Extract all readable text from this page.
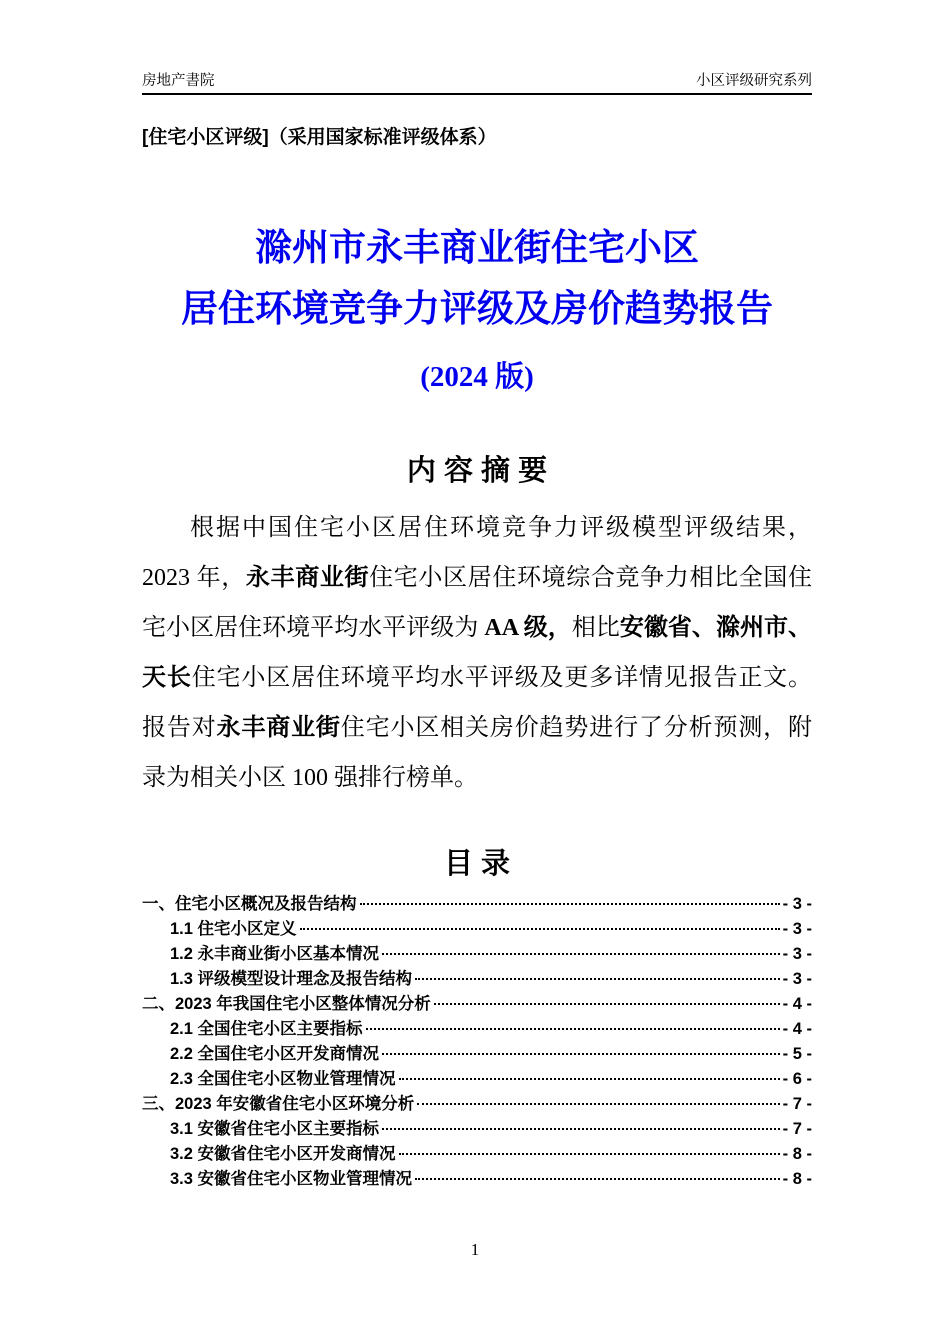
房地产書院	小区评级研究系列
[住宅小区评级]（采用国家标准评级体系）
滁州市永丰商业街住宅小区
居住环境竞争力评级及房价趋势报告
(2024 版)
内 容 摘 要
根据中国住宅小区居住环境竞争力评级模型评级结果，
2023 年，永丰商业街住宅小区居住环境综合竞争力相比全国住
宅小区居住环境平均水平评级为 AA 级，相比安徽省、滁州市、
天长住宅小区居住环境平均水平评级及更多详情见报告正文。
报告对永丰商业街住宅小区相关房价趋势进行了分析预测，附
录为相关小区 100 强排行榜单。
目 录
一、住宅小区概况及报告结构	- 3 -
1.1 住宅小区定义	- 3 -
1.2 永丰商业街小区基本情况	- 3 -
1.3 评级模型设计理念及报告结构	- 3 -
二、2023 年我国住宅小区整体情况分析	- 4 -
2.1 全国住宅小区主要指标	- 4 -
2.2 全国住宅小区开发商情况	- 5 -
2.3 全国住宅小区物业管理情况	- 6 -
三、2023 年安徽省住宅小区环境分析	- 7 -
3.1 安徽省住宅小区主要指标	- 7 -
3.2 安徽省住宅小区开发商情况	- 8 -
3.3 安徽省住宅小区物业管理情况	- 8 -
1
